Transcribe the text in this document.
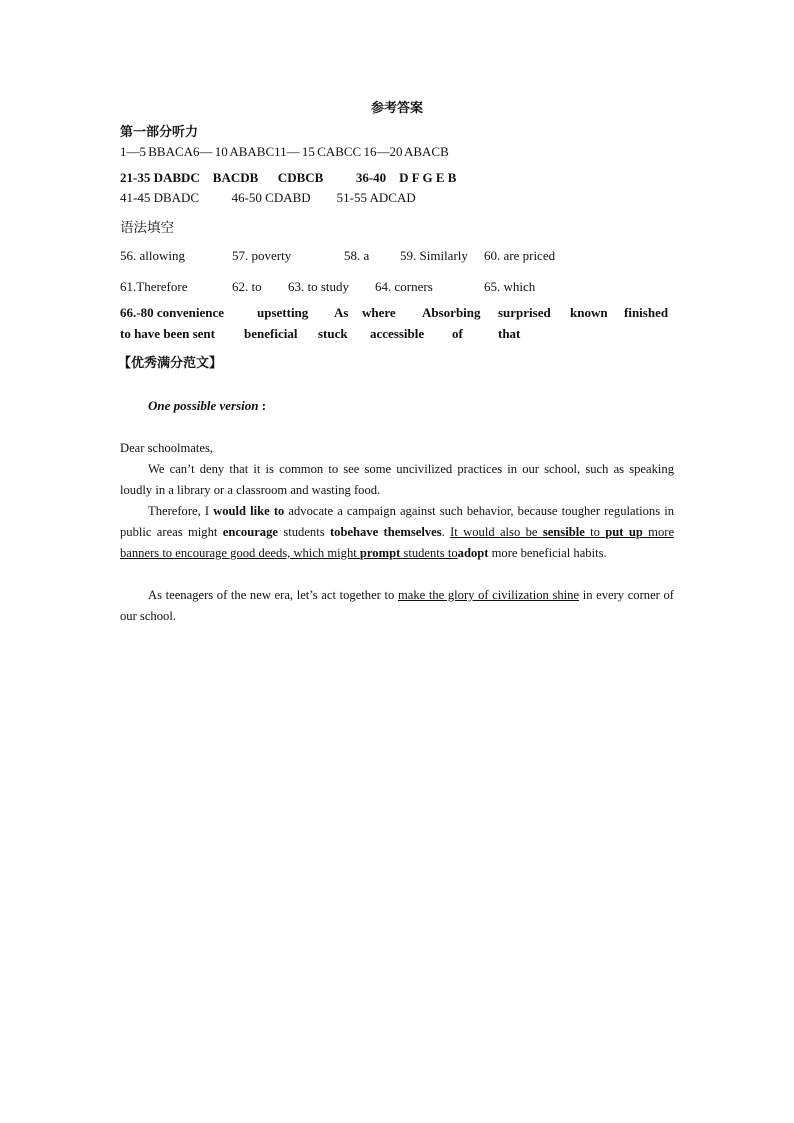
参考答案
第一部分听力
1—5 BBACA6— 10 ABABC11— 15 CABCC 16—20 ABACB
21-35 DABDC    BACDB      CDBCB          36-40    D F G E B
41-45 DBADC          46-50 CDABD        51-55 ADCAD
语法填空
56. allowing	57. poverty	58. a 59. Similarly 60. are priced
61.Therefore	62. to 63. to study 64. corners	65. which
66.-80 convenience	upsetting As where Absorbing surprised known finished
to have been sent beneficial stuck accessible of	that
【优秀满分范文】
One possible version :
Dear schoolmates,
We can’t deny that it is common to see some uncivilized practices in our school, such as speaking loudly in a library or a classroom and wasting food.
Therefore, I would like to advocate a campaign against such behavior, because tougher regulations in public areas might encourage students tobehave themselves. It would also be sensible to put up more banners to encourage good deeds, which might prompt students toadopt more beneficial habits.
As teenagers of the new era, let’s act together to make the glory of civilization shine in every corner of our school.
